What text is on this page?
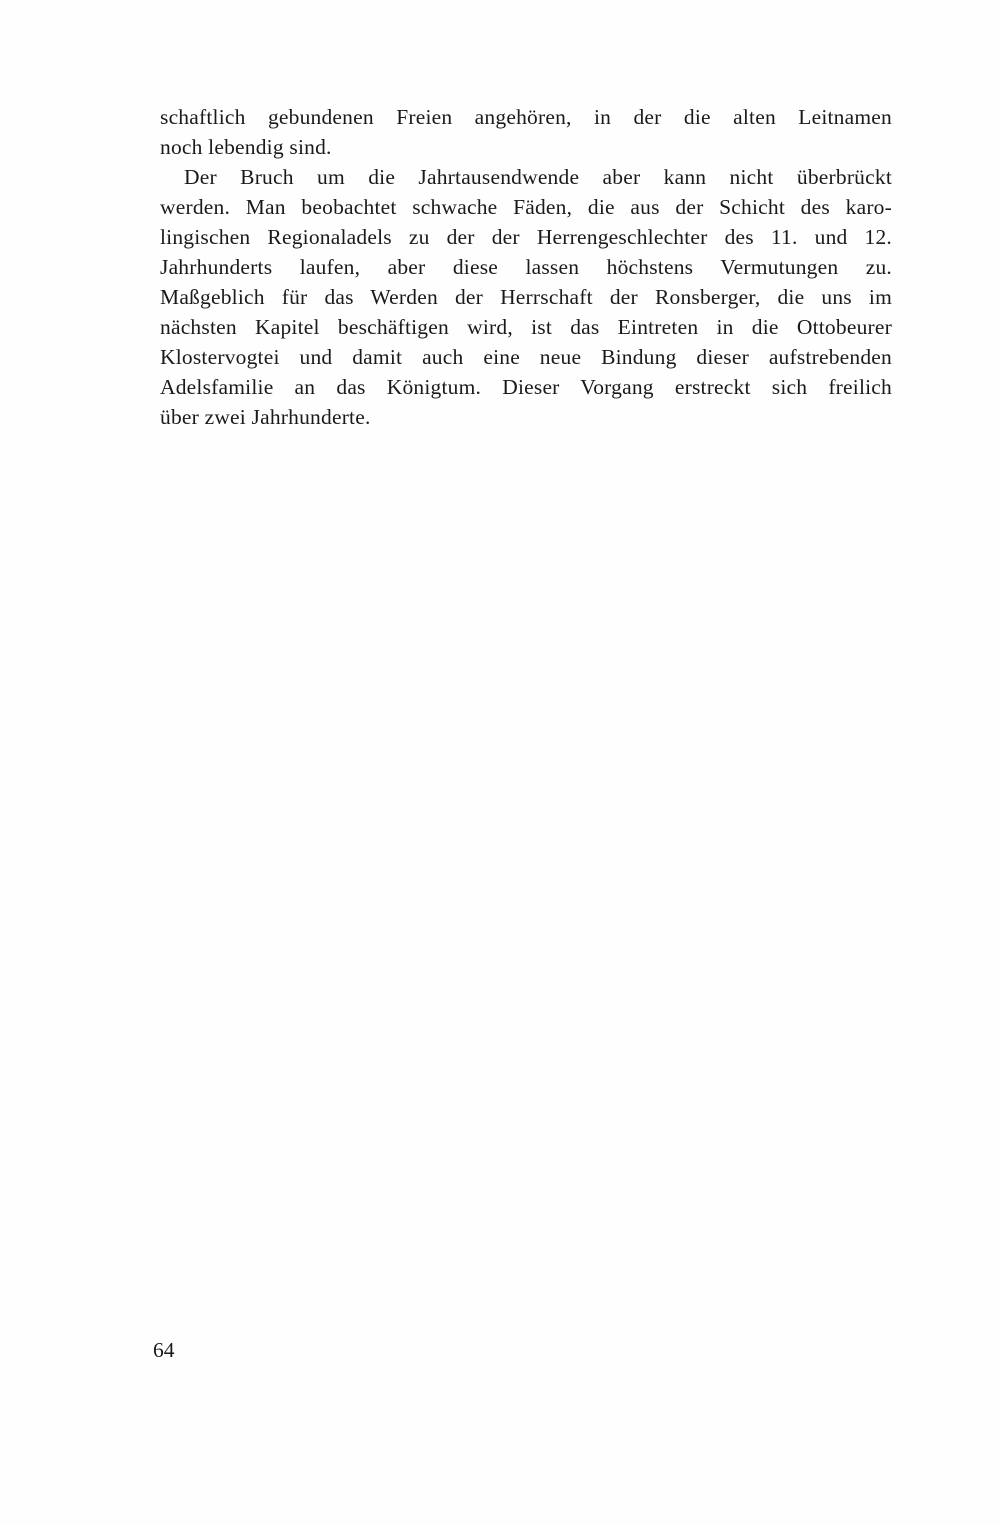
schaftlich gebundenen Freien angehören, in der die alten Leitnamen
noch lebendig sind.

Der Bruch um die Jahrtausendwende aber kann nicht überbrückt
werden. Man beobachtet schwache Fäden, die aus der Schicht des karo-
lingischen Regionaladels zu der der Herrengeschlechter des 11. und 12.
Jahrhunderts laufen, aber diese lassen höchstens Vermutungen zu.
Maßgeblich für das Werden der Herrschaft der Ronsberger, die uns im
nächsten Kapitel beschäftigen wird, ist das Eintreten in die Ottobeurer
Klostervogtei und damit auch eine neue Bindung dieser aufstrebenden
Adelsfamilie an das Königtum. Dieser Vorgang erstreckt sich freilich
über zwei Jahrhunderte.

64
